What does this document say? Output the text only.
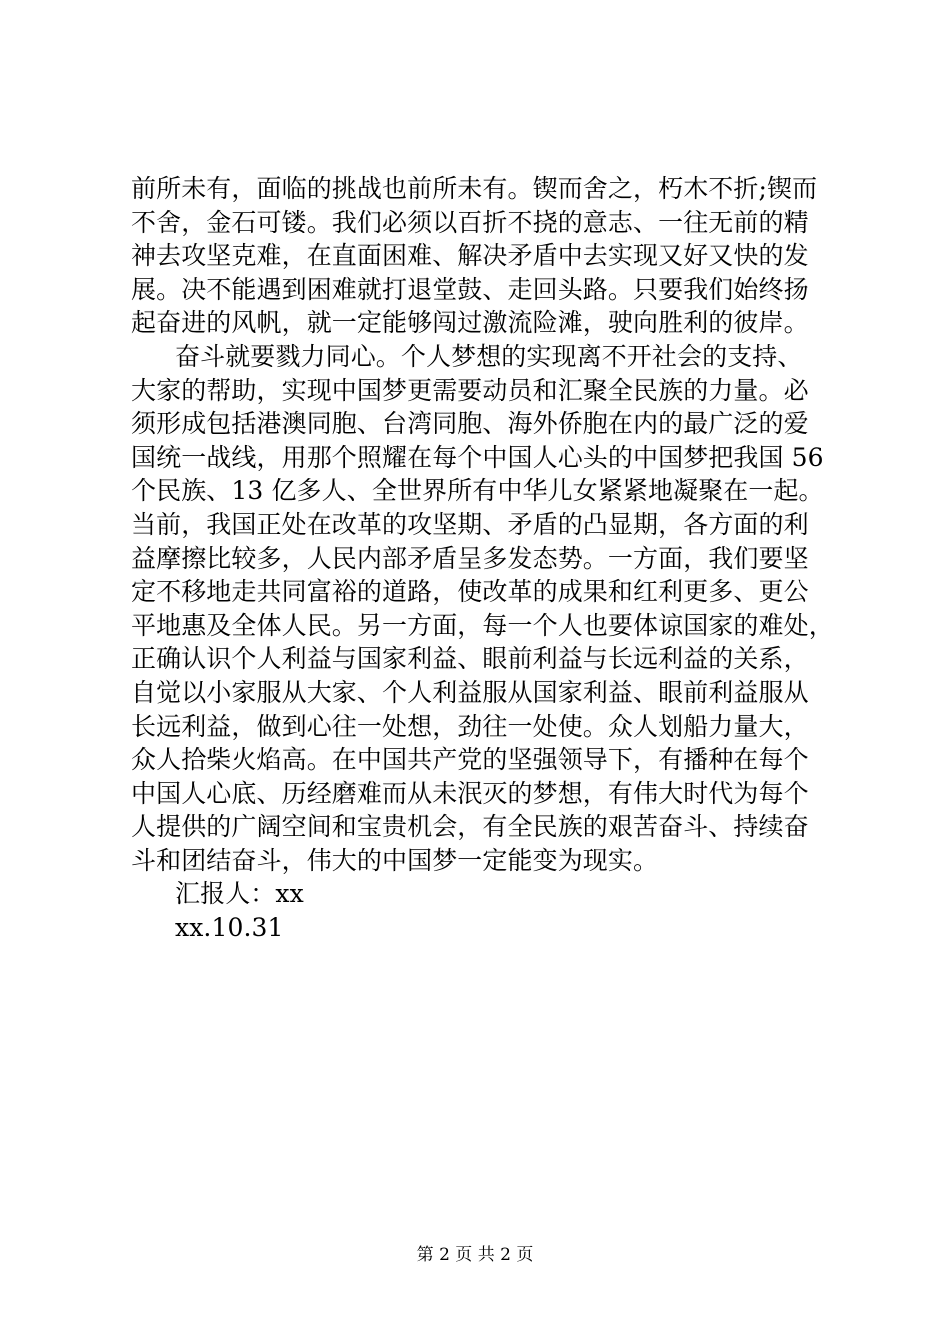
前所未有，面临的挑战也前所未有。锲而舍之，朽木不折;锲而
不舍，金石可镂。我们必须以百折不挠的意志、一往无前的精
神去攻坚克难，在直面困难、解决矛盾中去实现又好又快的发
展。决不能遇到困难就打退堂鼓、走回头路。只要我们始终扬
起奋进的风帆，就一定能够闯过激流险滩，驶向胜利的彼岸。
奋斗就要戮力同心。个人梦想的实现离不开社会的支持、
大家的帮助，实现中国梦更需要动员和汇聚全民族的力量。必
须形成包括港澳同胞、台湾同胞、海外侨胞在内的最广泛的爱
国统一战线，用那个照耀在每个中国人心头的中国梦把我国 56
个民族、13 亿多人、全世界所有中华儿女紧紧地凝聚在一起。
当前，我国正处在改革的攻坚期、矛盾的凸显期，各方面的利
益摩擦比较多，人民内部矛盾呈多发态势。一方面，我们要坚
定不移地走共同富裕的道路，使改革的成果和红利更多、更公
平地惠及全体人民。另一方面，每一个人也要体谅国家的难处，
正确认识个人利益与国家利益、眼前利益与长远利益的关系，
自觉以小家服从大家、个人利益服从国家利益、眼前利益服从
长远利益，做到心往一处想，劲往一处使。众人划船力量大，
众人拾柴火焰高。在中国共产党的坚强领导下，有播种在每个
中国人心底、历经磨难而从未泯灭的梦想，有伟大时代为每个
人提供的广阔空间和宝贵机会，有全民族的艰苦奋斗、持续奋
斗和团结奋斗，伟大的中国梦一定能变为现实。
汇报人：xx
xx.10.31
第 2 页 共 2 页
